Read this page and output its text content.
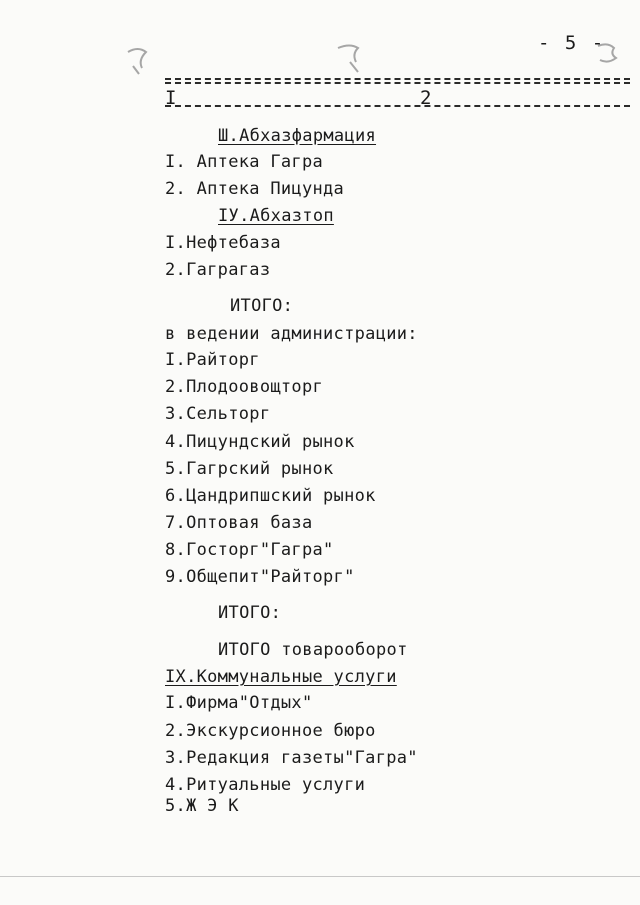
- 5 -
I	2
Ш.Абхазфармация
I. Аптека Гагра
2. Аптека Пицунда
IУ.Абхазтоп
I.Нефтебаза
2.Гаграгаз
ИТОГО:
в ведении администрации:
I.Райторг
2.Плодоовощторг
3.Сельторг
4.Пицундский рынок
5.Гагрский рынок
6.Цандрипшский рынок
7.Оптовая база
8.Госторг"Гагра"
9.Общепит"Райторг"
ИТОГО:
ИТОГО товарооборот
IХ.Коммунальные услуги
I.Фирма"Отдых"
2.Экскурсионное бюро
3.Редакция газеты"Гагра"
4.Ритуальные услуги
5.Ж Э К
